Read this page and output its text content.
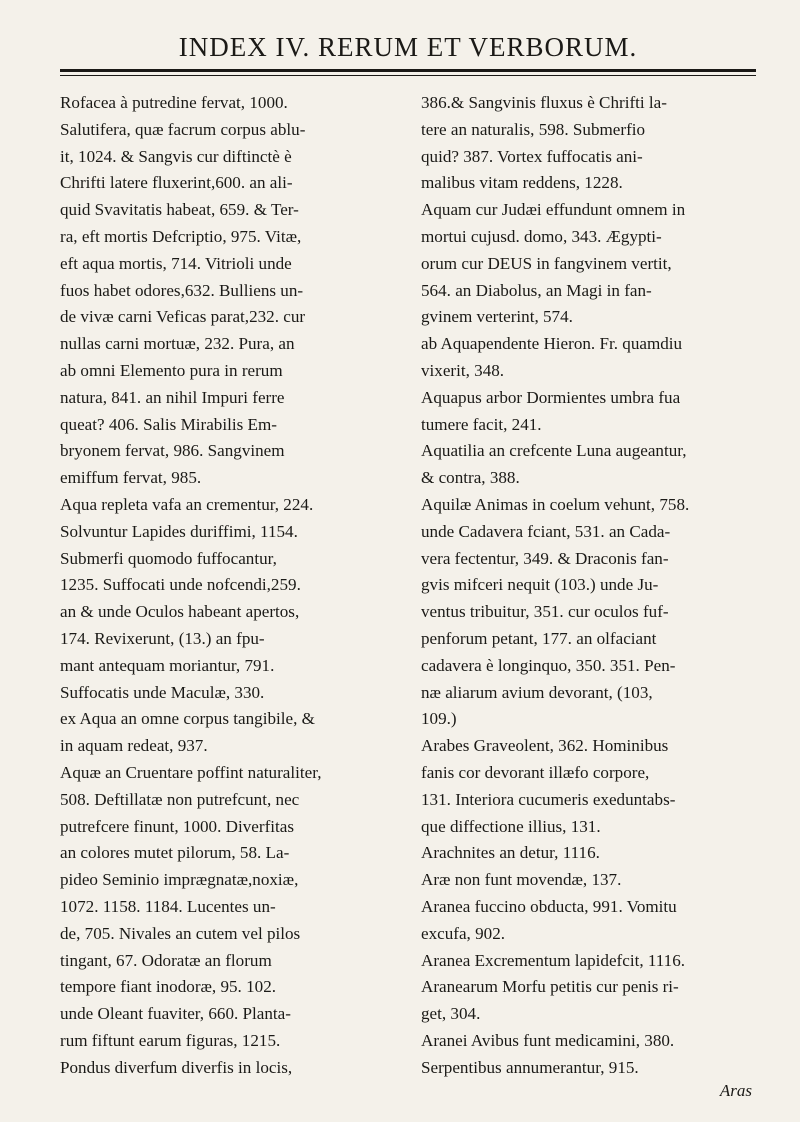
INDEX IV. RERUM ET VERBORUM.
Rofacea à putredine fervat, 1000.
Salutifera, quæ facrum corpus ablu-
it, 1024. & Sangvis cur diftinctè è
Chrifti latere fluxerint,600. an ali-
quid Svavitatis habeat, 659. & Ter-
ra, eft mortis Defcriptio, 975. Vitæ,
eft aqua mortis, 714. Vitrioli unde
fuos habet odores,632. Bulliens un-
de vivæ carni Veficas parat,232. cur
nullas carni mortuæ, 232. Pura, an
ab omni Elemento pura in rerum
natura, 841. an nihil Impuri ferre
queat? 406. Salis Mirabilis Em-
bryonem fervat, 986. Sangvinem
emiffum fervat, 985.
Aqua repleta vafa an crementur, 224.
Solvuntur Lapides duriffimi, 1154.
Submerfi quomodo fuffocantur,
1235. Suffocati unde nofcendi,259.
an & unde Oculos habeant apertos,
174. Revixerunt, (13.) an fpu-
mant antequam moriantur, 791.
Suffocatis unde Maculæ, 330.
ex Aqua an omne corpus tangibile, &
in aquam redeat, 937.
Aquæ an Cruentare poffint naturaliter,
508. Deftillatæ non putrefcunt, nec
putrefcere finunt, 1000. Diverfitas
an colores mutet pilorum, 58. La-
pideo Seminio imprægnatæ,noxiæ,
1072. 1158. 1184. Lucentes un-
de, 705. Nivales an cutem vel pilos
tingant, 67. Odoratæ an florum
tempore fiant inodoræ, 95. 102.
unde Oleant fuaviter, 660. Planta-
rum fiftunt earum figuras, 1215.
Pondus diverfum diverfis in locis,
386.& Sangvinis fluxus è Chrifti la-
tere an naturalis, 598. Submerfio
quid? 387. Vortex fuffocatis ani-
malibus vitam reddens, 1228.
Aquam cur Judæi effundunt omnem in
mortui cujusd. domo, 343. Ægypti-
orum cur DEUS in fangvinem vertit,
564. an Diabolus, an Magi in fan-
gvinem verterint, 574.
ab Aquapendente Hieron. Fr. quamdiu
vixerit, 348.
Aquapus arbor Dormientes umbra fua
tumere facit, 241.
Aquatilia an crefcente Luna augeantur,
& contra, 388.
Aquilæ Animas in coelum vehunt, 758.
unde Cadavera fciant, 531. an Cada-
vera fectentur, 349. & Draconis fan-
gvis mifceri nequit (103.) unde Ju-
ventus tribuitur, 351. cur oculos fuf-
penforum petant, 177. an olfaciant
cadavera è longinquo, 350. 351. Pen-
næ aliarum avium devorant, (103,
109.)
Arabes Graveolent, 362. Hominibus
fanis cor devorant illæfo corpore,
131. Interiora cucumeris exeduntabs-
que diffectione illius, 131.
Arachnites an detur, 1116.
Aræ non funt movendæ, 137.
Aranea fuccino obducta, 991. Vomitu
excufa, 902.
Aranea Excrementum lapidefcit, 1116.
Aranearum Morfu petitis cur penis ri-
get, 304.
Aranei Avibus funt medicamini, 380.
Serpentibus annumerantur, 915.
Aras
